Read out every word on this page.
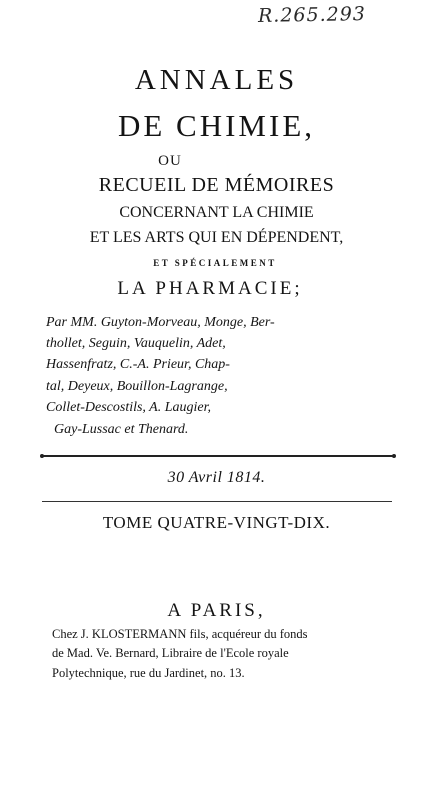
R.265.293
ANNALES
DE CHIMIE,
OU
RECUEIL DE MÉMOIRES
CONCERNANT LA CHIMIE
ET LES ARTS QUI EN DÉPENDENT,
ET SPÉCIALEMENT
LA PHARMACIE;
Par MM. Guyton-Morveau, Monge, Ber-
thollet, Seguin, Vauquelin, Adet,
Hassenfratz, C.-A. Prieur, Chap-
tal, Deyeux, Bouillon-Lagrange,
Collet-Descostils, A. Laugier,
Gay-Lussac et Thenard.
30 Avril 1814.
TOME QUATRE-VINGT-DIX.
A PARIS,
Chez J. KLOSTERMANN fils, acquéreur du fonds
de Mad. Ve. Bernard, Libraire de l'Ecole royale
Polytechnique, rue du Jardinet, no. 13.
